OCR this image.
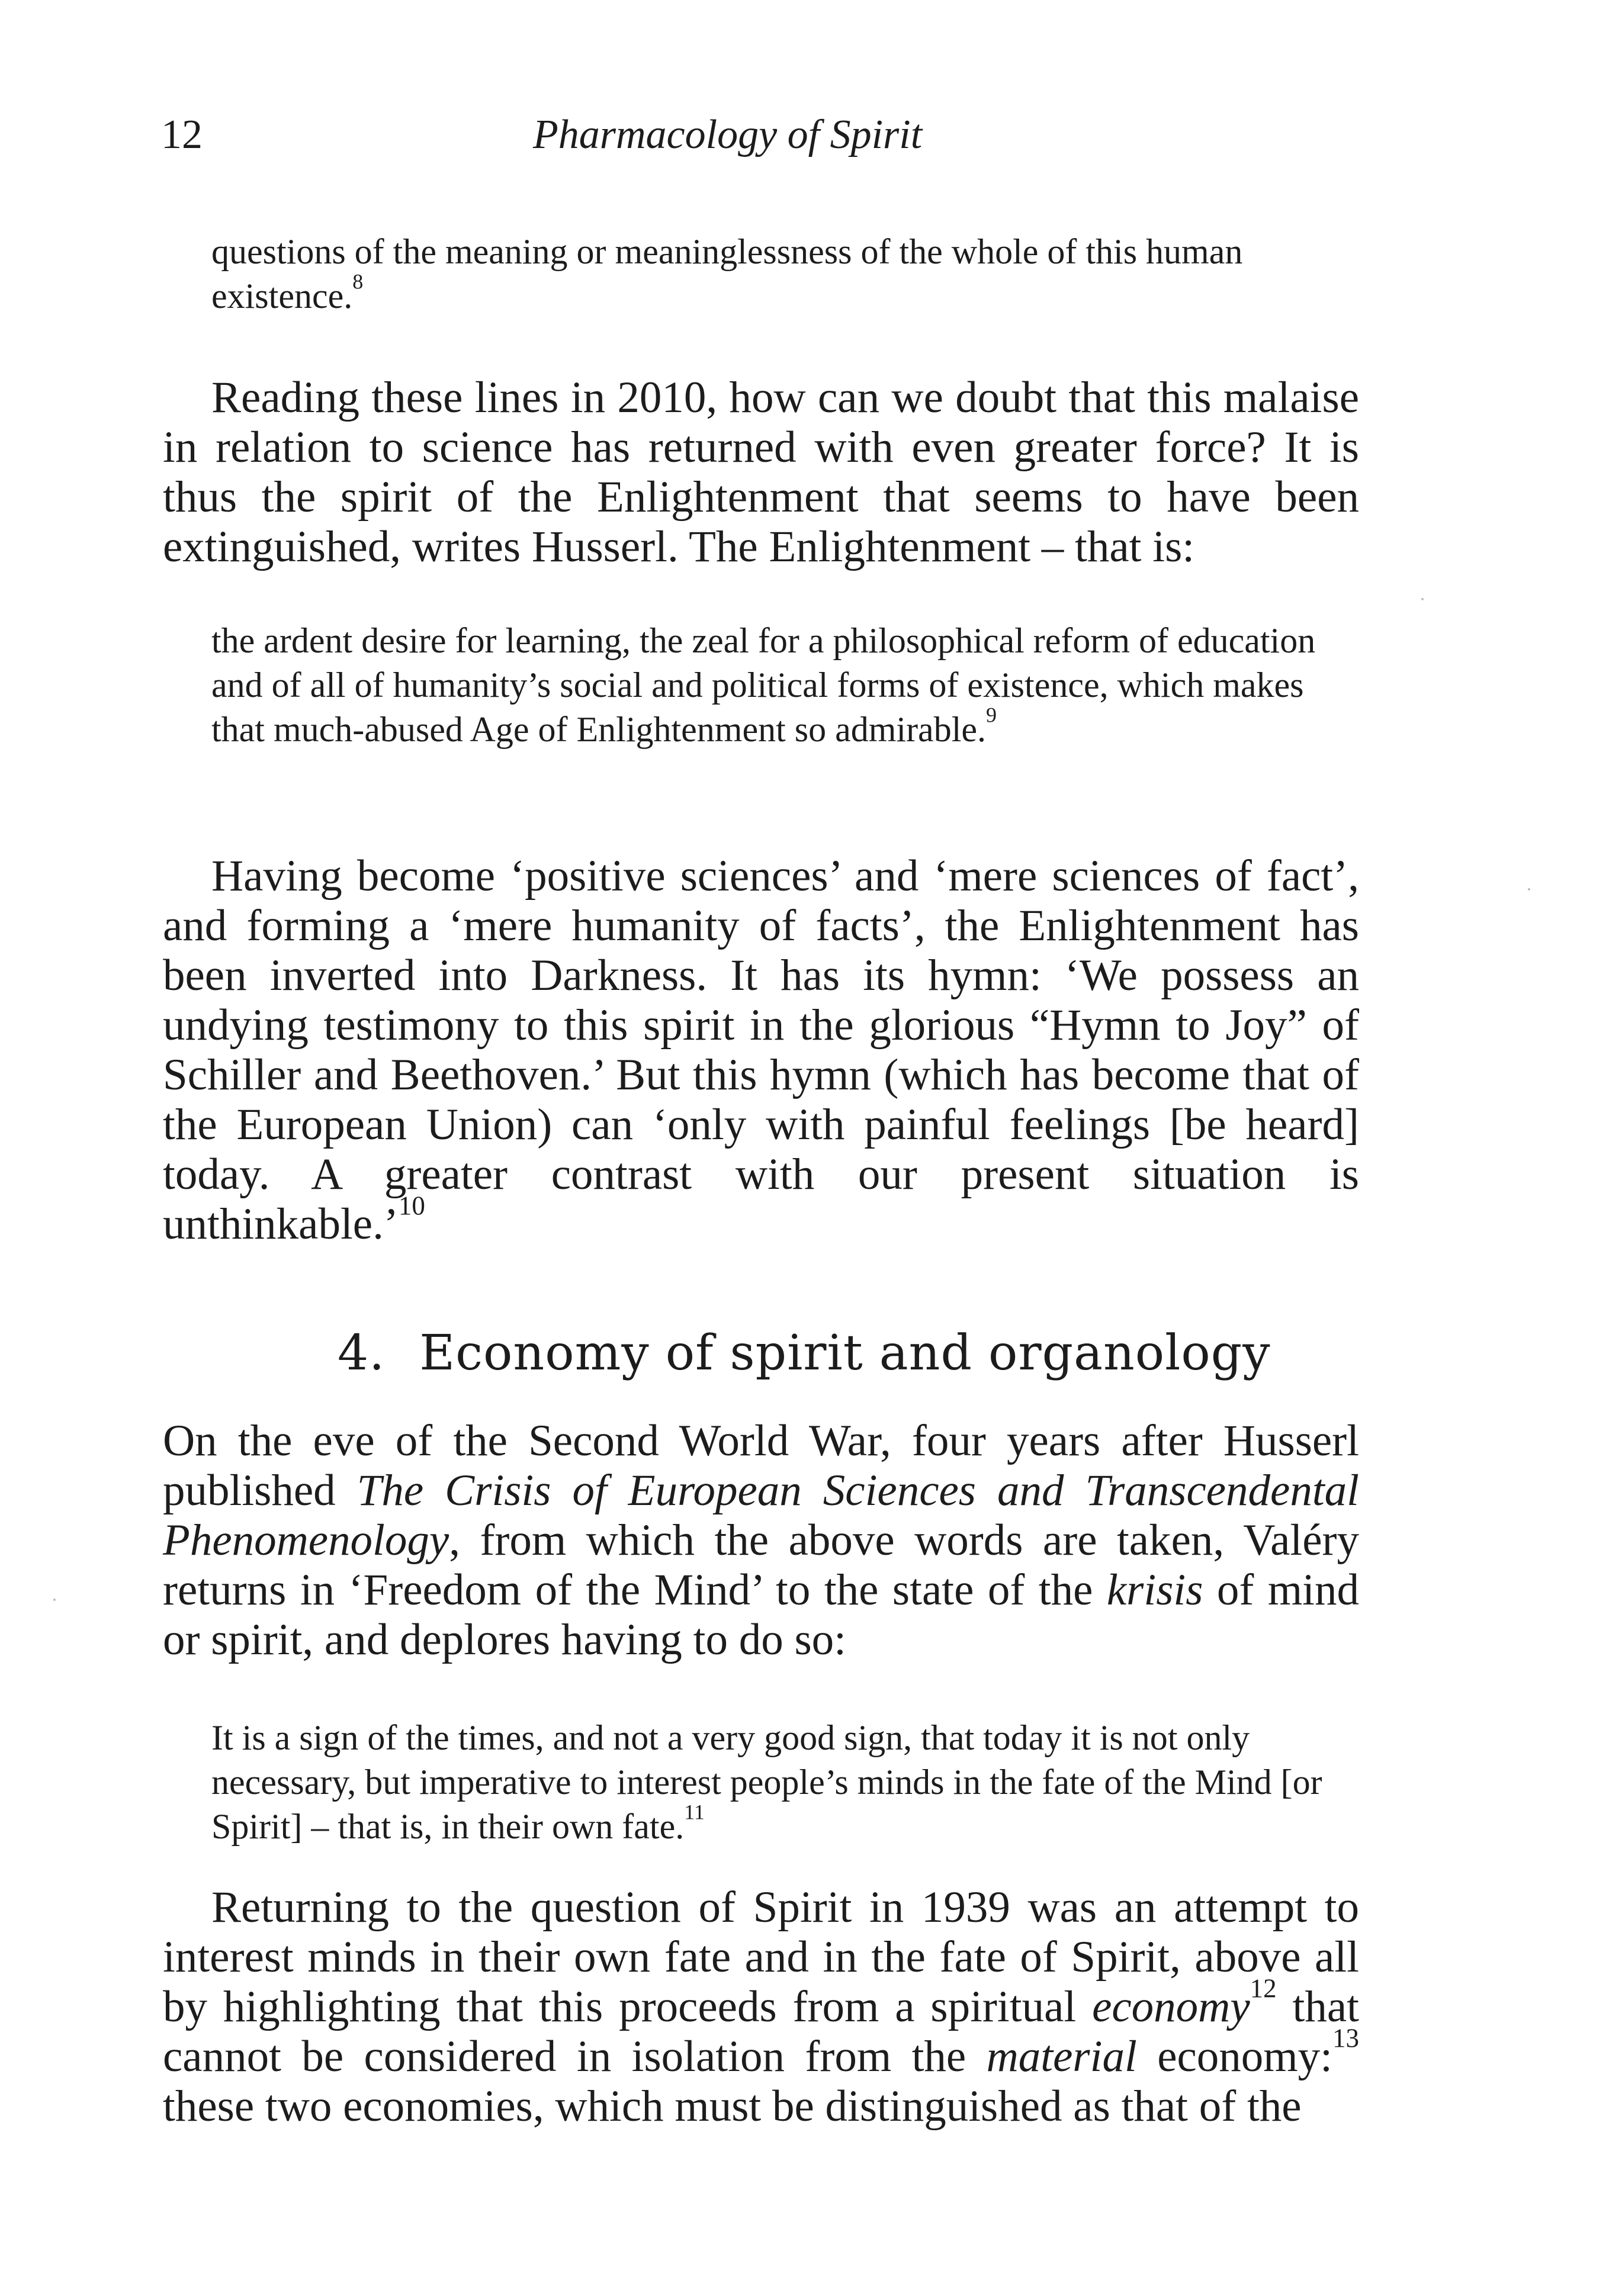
12	Pharmacology of Spirit

questions of the meaning or meaninglessness of the whole of this human existence.$^8$

Reading these lines in 2010, how can we doubt that this malaise in relation to science has returned with even greater force? It is thus the spirit of the Enlightenment that seems to have been extinguished, writes Husserl. The Enlightenment – that is:

the ardent desire for learning, the zeal for a philosophical reform of education and of all of humanity’s social and political forms of existence, which makes that much-abused Age of Enlightenment so admirable.$^9$

Having become ‘positive sciences’ and ‘mere sciences of fact’, and forming a ‘mere humanity of facts’, the Enlightenment has been inverted into Darkness. It has its hymn: ‘We possess an undying testimony to this spirit in the glorious “Hymn to Joy” of Schiller and Beethoven.’ But this hymn (which has become that of the European Union) can ‘only with painful feelings [be heard] today. A greater contrast with our present situation is unthinkable.’$^{10}$

4. Economy of spirit and organology

On the eve of the Second World War, four years after Husserl published The Crisis of European Sciences and Transcendental Phenomenology, from which the above words are taken, Valéry returns in ‘Freedom of the Mind’ to the state of the krisis of mind or spirit, and deplores having to do so:

It is a sign of the times, and not a very good sign, that today it is not only necessary, but imperative to interest people’s minds in the fate of the Mind [or Spirit] – that is, in their own fate.$^{11}$

Returning to the question of Spirit in 1939 was an attempt to interest minds in their own fate and in the fate of Spirit, above all by highlighting that this proceeds from a spiritual economy$^{12}$ that cannot be considered in isolation from the material economy:$^{13}$ these two economies, which must be distinguished as that of the
